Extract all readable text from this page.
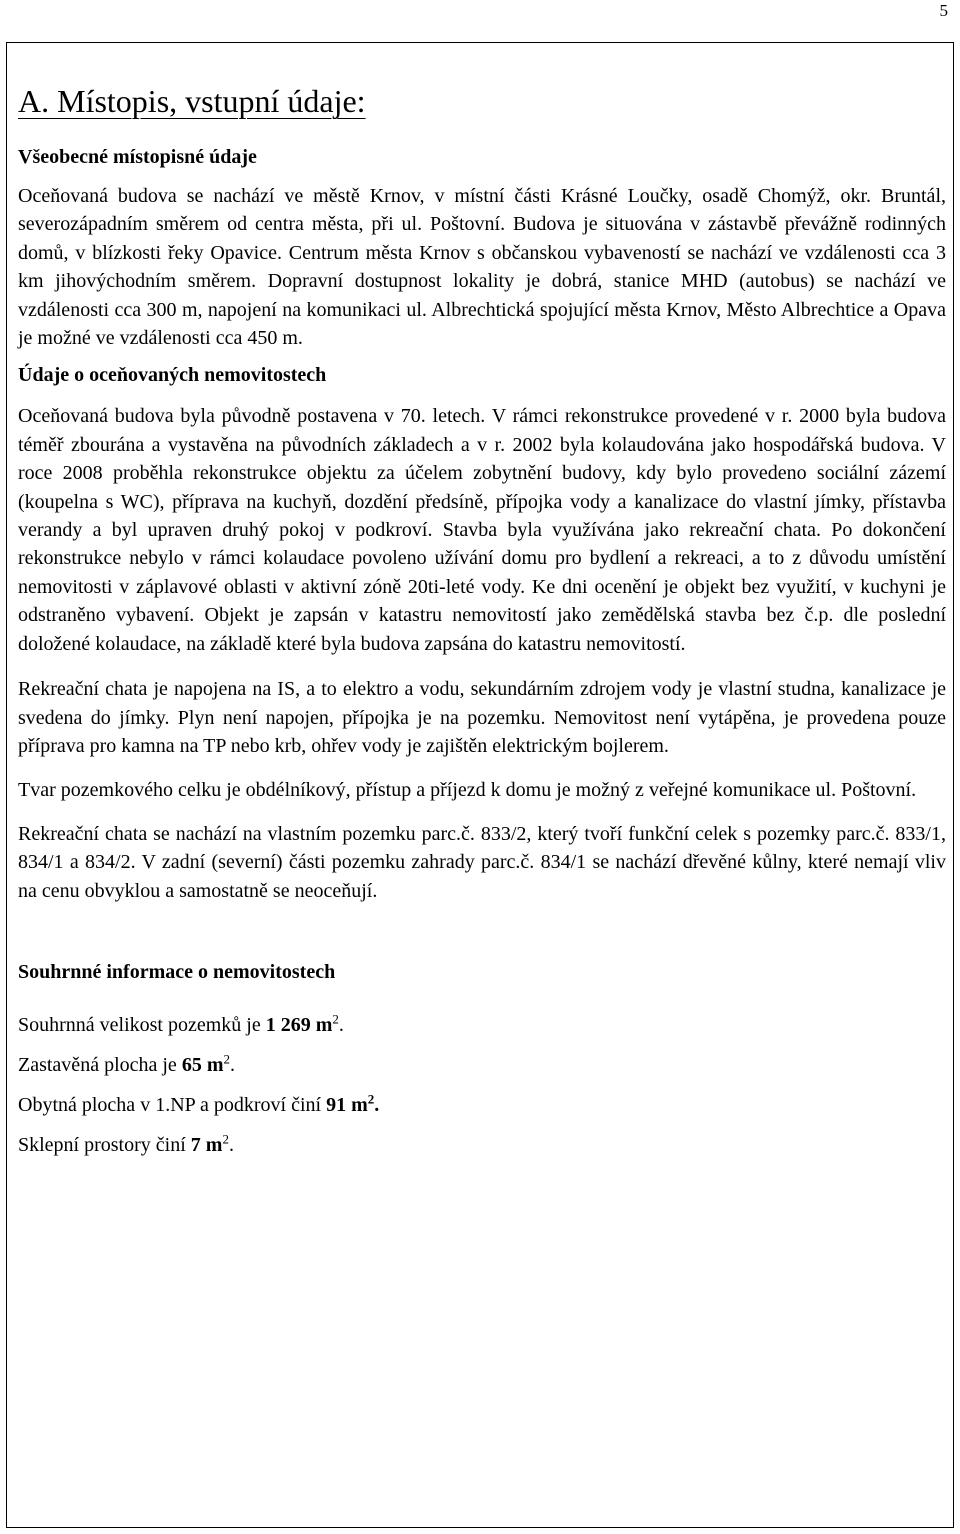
5
A. Místopis, vstupní údaje:
Všeobecné místopisné údaje

Oceňovaná budova se nachází ve městě Krnov, v místní části Krásné Loučky, osadě Chomýž, okr. Bruntál, severozápadním směrem od centra města, při ul. Poštovní. Budova je situována v zástavbě převážně rodinných domů, v blízkosti řeky Opavice. Centrum města Krnov s občanskou vybaveností se nachází ve vzdálenosti cca 3 km jihovýchodním směrem. Dopravní dostupnost lokality je dobrá, stanice MHD (autobus) se nachází ve vzdálenosti cca 300 m, napojení na komunikaci ul. Albrechtická spojující města Krnov, Město Albrechtice a Opava je možné ve vzdálenosti cca 450 m.

Údaje o oceňovaných nemovitostech

Oceňovaná budova byla původně postavena v 70. letech. V rámci rekonstrukce provedené v r. 2000 byla budova téměř zbourána a vystavěna na původních základech a v r. 2002 byla kolaudována jako hospodářská budova. V roce 2008 proběhla rekonstrukce objektu za účelem zobytnění budovy, kdy bylo provedeno sociální zázemí (koupelna s WC), příprava na kuchyň, dozdění předsíně, přípojka vody a kanalizace do vlastní jímky, přístavba verandy a byl upraven druhý pokoj v podkroví. Stavba byla využívána jako rekreační chata. Po dokončení rekonstrukce nebylo v rámci kolaudace povoleno užívání domu pro bydlení a rekreaci, a to z důvodu umístění nemovitosti v záplavové oblasti v aktivní zóně 20ti-leté vody. Ke dni ocenění je objekt bez využití, v kuchyni je odstraněno vybavení. Objekt je zapsán v katastru nemovitostí jako zemědělská stavba bez č.p. dle poslední doložené kolaudace, na základě které byla budova zapsána do katastru nemovitostí.

Rekreační chata je napojena na IS, a to elektro a vodu, sekundárním zdrojem vody je vlastní studna, kanalizace je svedena do jímky. Plyn není napojen, přípojka je na pozemku. Nemovitost není vytápěna, je provedena pouze příprava pro kamna na TP nebo krb, ohřev vody je zajištěn elektrickým bojlerem.

Tvar pozemkového celku je obdélníkový, přístup a příjezd k domu je možný z veřejné komunikace ul. Poštovní.

Rekreační chata se nachází na vlastním pozemku parc.č. 833/2, který tvoří funkční celek s pozemky parc.č. 833/1, 834/1 a 834/2. V zadní (severní) části pozemku zahrady parc.č. 834/1 se nachází dřevěné kůlny, které nemají vliv na cenu obvyklou a samostatně se neoceňují.

Souhrnné informace o nemovitostech

Souhrnná velikost pozemků je 1 269 $m^2$.

Zastavěná plocha je 65 $m^2$.

Obytná plocha v 1.NP a podkroví činí 91 $m^2$.

Sklepní prostory činí 7 $m^2$.
